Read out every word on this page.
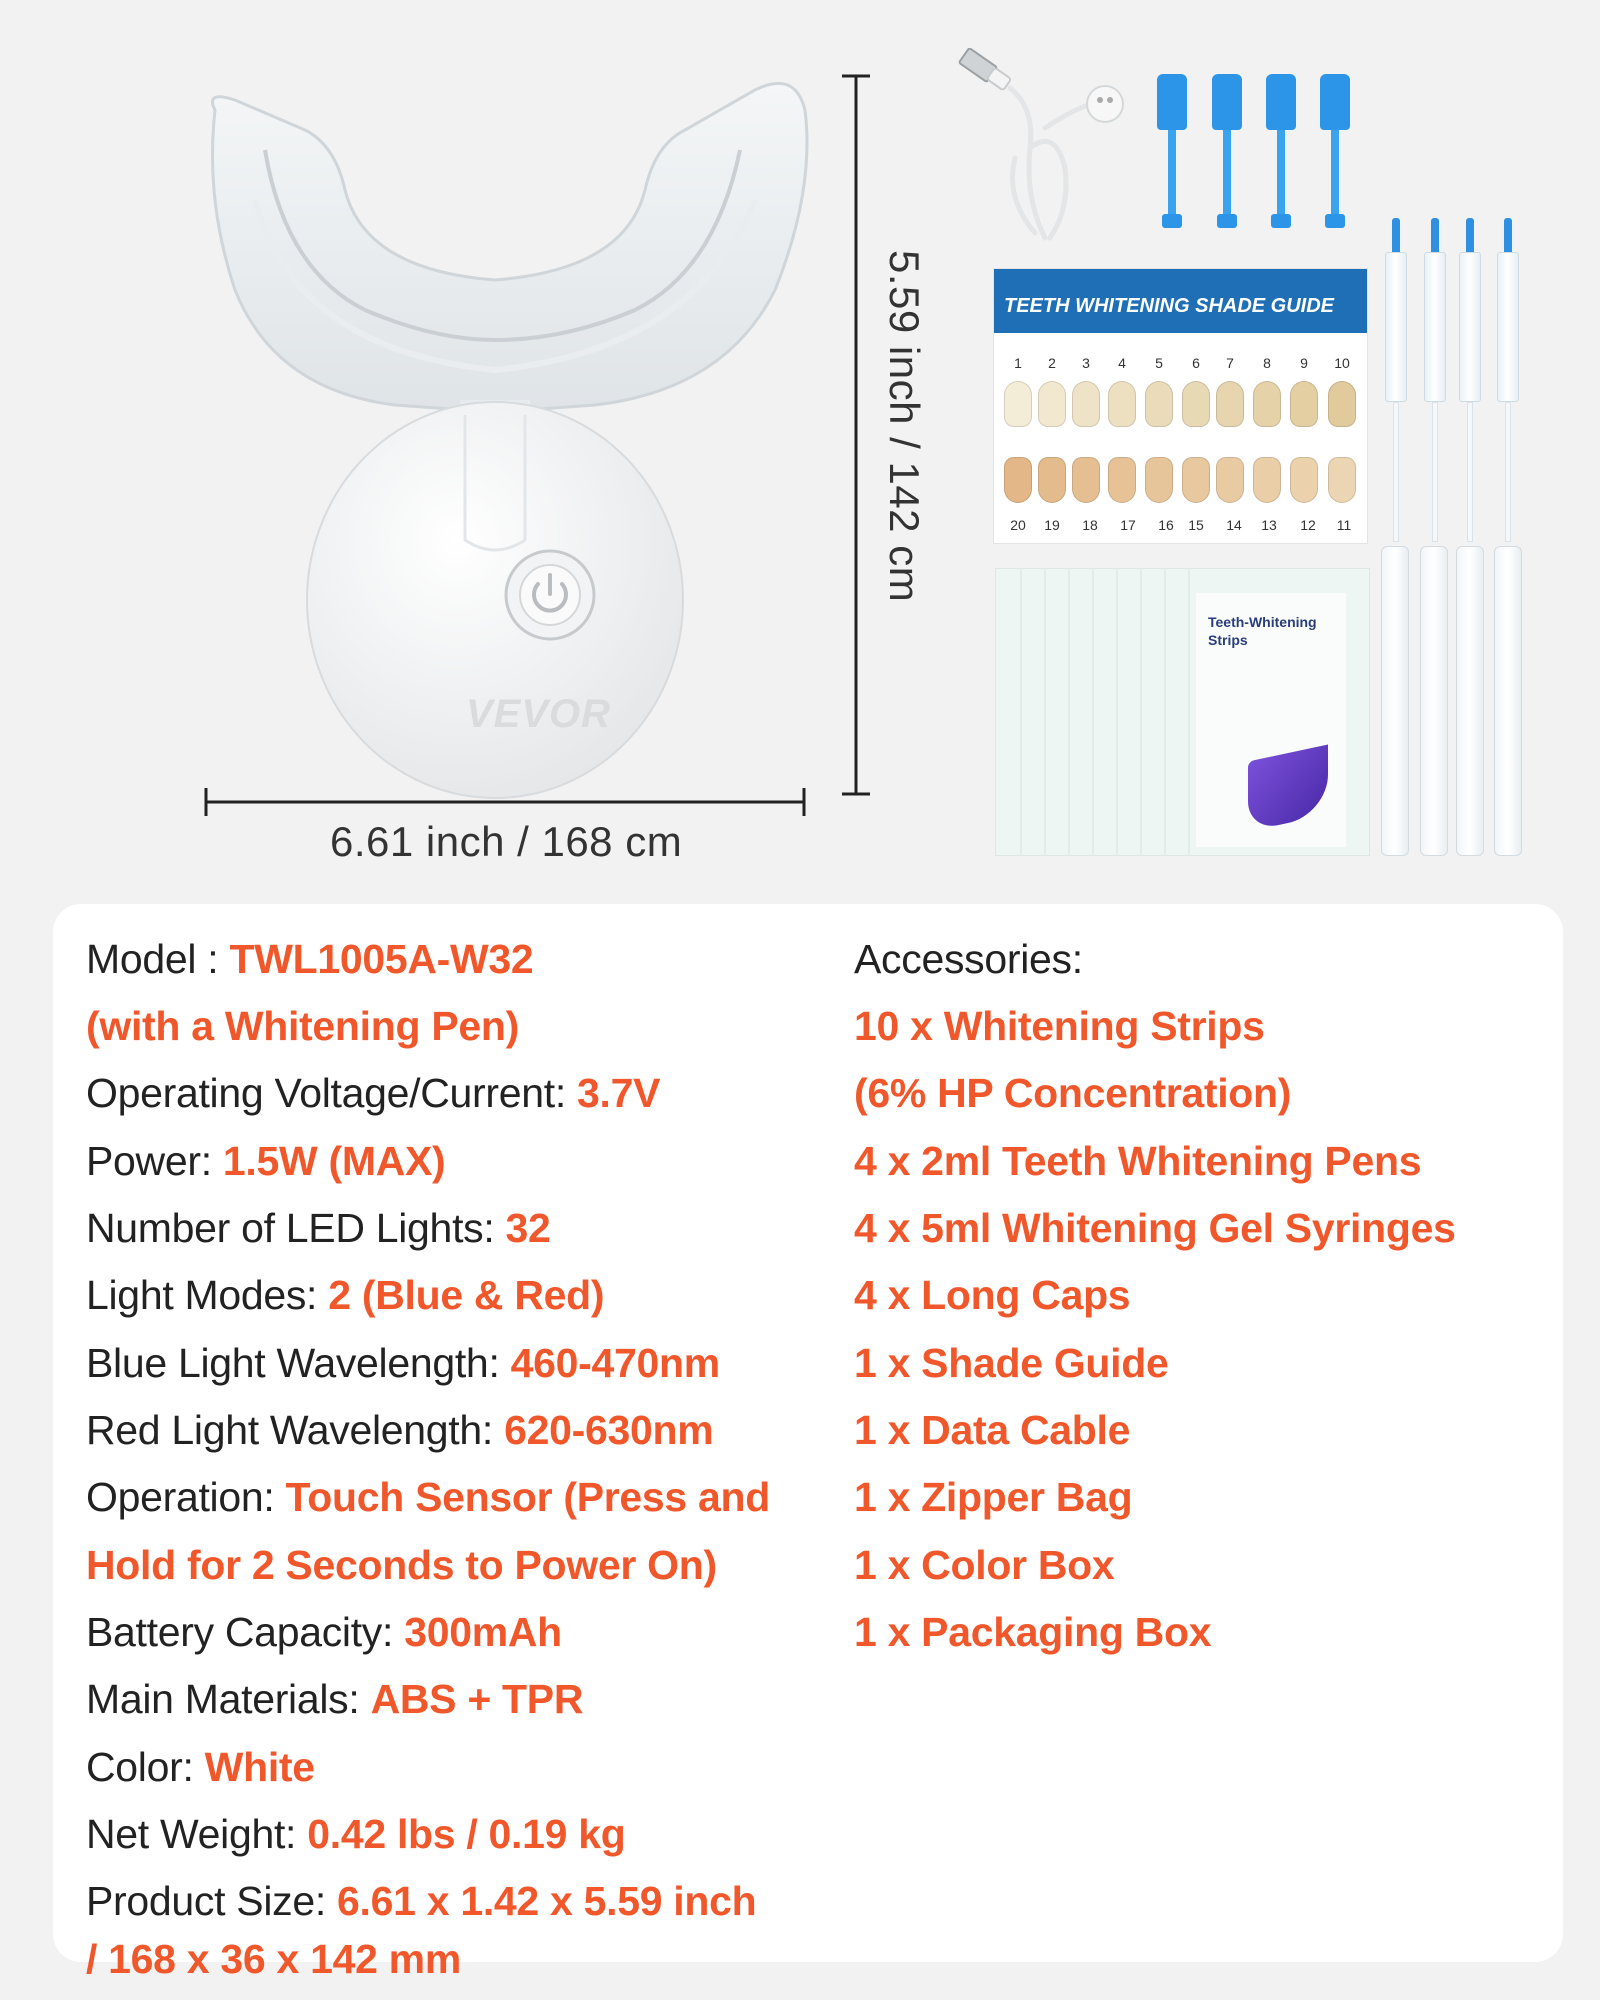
VEVOR
6.61 inch / 168 cm
5.59 inch / 142 cm	TEETH WHITENING SHADE GUIDE
1	2	3	4	5	6	7	8	9	10
20 19 18 17 16 15 14 13 12 11
Teeth-Whitening Strips
Model : TWL1005A-W32
(with a Whitening Pen)
Operating Voltage/Current: 3.7V
Power: 1.5W (MAX)
Number of LED Lights: 32
Light Modes: 2 (Blue & Red)
Blue Light Wavelength: 460-470nm
Red Light Wavelength: 620-630nm
Operation: Touch Sensor (Press and
Hold for 2 Seconds to Power On)
Battery Capacity: 300mAh
Main Materials: ABS + TPR
Color: White
Net Weight: 0.42 lbs / 0.19 kg
Product Size: 6.61 x 1.42 x 5.59 inch
/ 168 x 36 x 142 mm
Accessories:
10 x Whitening Strips
(6% HP Concentration)
4 x 2ml Teeth Whitening Pens
4 x 5ml Whitening Gel Syringes
4 x Long Caps
1 x Shade Guide
1 x Data Cable
1 x Zipper Bag
1 x Color Box
1 x Packaging Box
